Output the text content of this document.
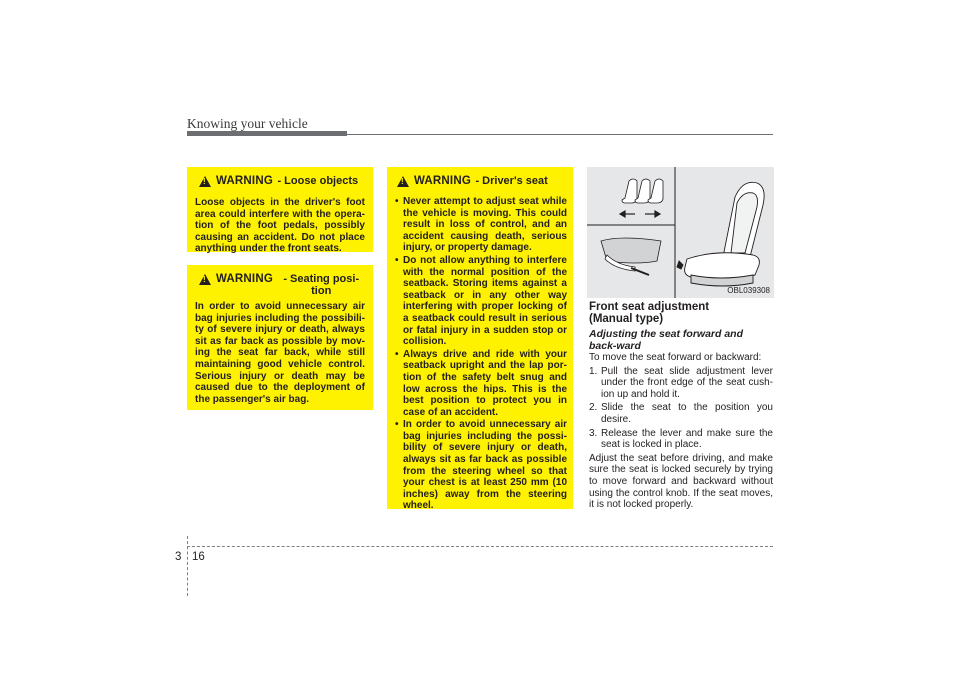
Knowing your vehicle
!
WARNING
- Loose objects
Loose objects in the driver's foot area could interfere with the opera-tion of the foot pedals, possibly causing an accident. Do not place anything under the front seats.
!
WARNING
- Seating posi-tion
In order to avoid unnecessary air bag injuries including the possibili-ty of severe injury or death, always sit as far back as possible by mov-ing the seat far back, while still maintaining good vehicle control. Serious injury or death may be caused due to the deployment of the passenger's air bag.
!
WARNING
- Driver's seat
• Never attempt to adjust seat while the vehicle is moving. This could result in loss of control, and an accident causing death, serious injury, or property damage.
• Do not allow anything to interfere with the normal position of the seatback. Storing items against a seatback or in any other way interfering with proper locking of a seatback could result in serious or fatal injury in a sudden stop or collision.
• Always drive and ride with your seatback upright and the lap por-tion of the safety belt snug and low across the hips. This is the best position to protect you in case of an accident.
• In order to avoid unnecessary air bag injuries including the possi-bility of severe injury or death, always sit as far back as possible from the steering wheel so that your chest is at least 250 mm (10 inches) away from the steering wheel.
OBL039308
Front seat adjustment
(Manual type)
Adjusting the seat forward and back-ward
To move the seat forward or backward:
1. Pull the seat slide adjustment lever under the front edge of the seat cush-ion up and hold it.
2. Slide the seat to the position you desire.
3. Release the lever and make sure the seat is locked in place.
Adjust the seat before driving, and make sure the seat is locked securely by trying to move forward and backward without using the control knob. If the seat moves, it is not locked properly.
3 16
